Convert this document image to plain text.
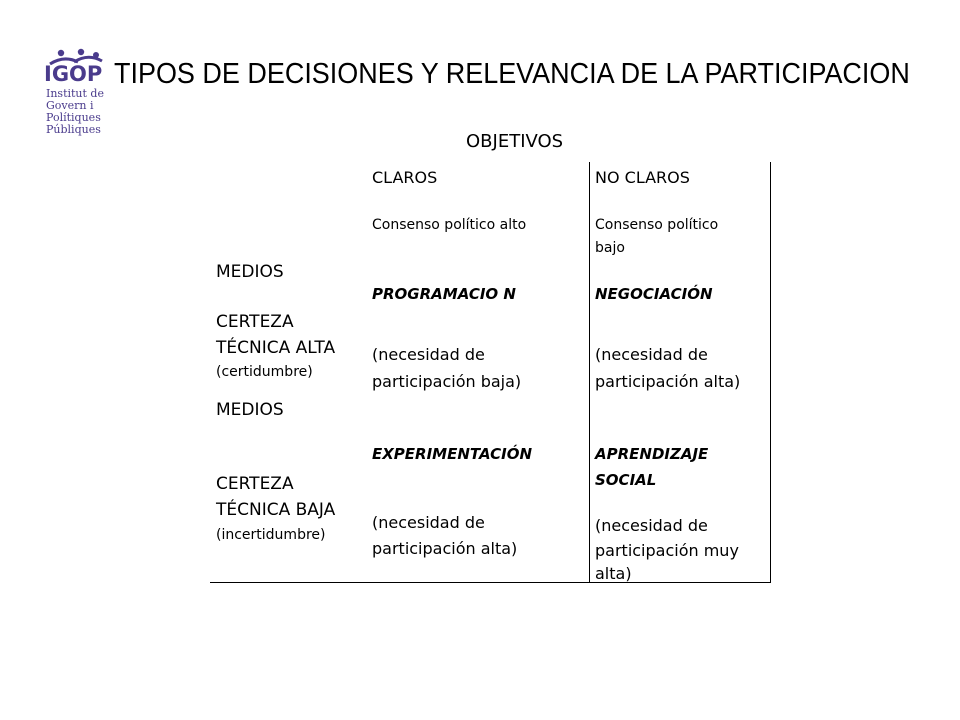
IGOP
Institut de
Govern i
Polítiques
Públiques
TIPOS DE DECISIONES Y RELEVANCIA DE LA PARTICIPACION
OBJETIVOS
CLAROS
Consenso político alto
NO CLAROS
Consenso político
bajo
MEDIOS
CERTEZA
TÉCNICA ALTA
(certidumbre)
PROGRAMACIO N
(necesidad de
participación baja)
NEGOCIACIÓN
(necesidad de
participación alta)
MEDIOS
CERTEZA
TÉCNICA BAJA
(incertidumbre)
EXPERIMENTACIÓN
(necesidad de
participación alta)
APRENDIZAJE
SOCIAL
(necesidad de
participación muy
alta)
